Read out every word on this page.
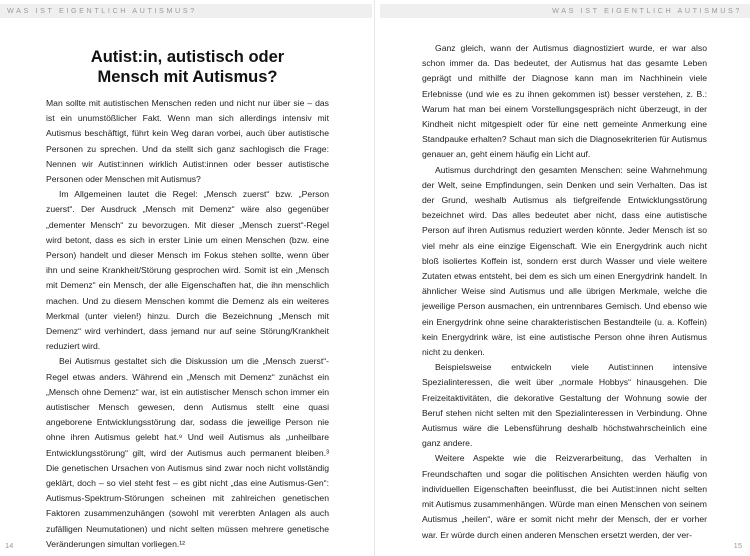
WAS IST EIGENTLICH AUTISMUS?
Autist:in, autistisch oder
Mensch mit Autismus?

Man sollte mit autistischen Menschen reden und nicht nur über sie – das ist ein unumstößlicher Fakt. Wenn man sich allerdings intensiv mit Autismus beschäftigt, führt kein Weg daran vorbei, auch über autistische Personen zu sprechen. Und da stellt sich ganz sachlogisch die Frage: Nennen wir Autist:innen wirklich Autist:innen oder besser autistische Personen oder Menschen mit Autismus?

Im Allgemeinen lautet die Regel: „Mensch zuerst“ bzw. „Person zuerst“. Der Ausdruck „Mensch mit Demenz“ wäre also gegenüber „dementer Mensch“ zu bevorzugen. Mit dieser „Mensch zuerst“-Regel wird betont, dass es sich in erster Linie um einen Menschen (bzw. eine Person) handelt und dieser Mensch im Fokus stehen sollte, wenn über ihn und seine Krankheit/Störung gesprochen wird. Somit ist ein „Mensch mit Demenz“ ein Mensch, der alle Eigenschaften hat, die ihn menschlich machen. Und zu diesem Menschen kommt die Demenz als ein weiteres Merkmal (unter vielen!) hinzu. Durch die Bezeichnung „Mensch mit Demenz“ wird verhindert, dass jemand nur auf seine Störung/Krankheit reduziert wird.

Bei Autismus gestaltet sich die Diskussion um die „Mensch zuerst“-Regel etwas anders. Während ein „Mensch mit Demenz“ zunächst ein „Mensch ohne Demenz“ war, ist ein autistischer Mensch schon immer ein autistischer Mensch gewesen, denn Autismus stellt eine quasi angeborene Entwicklungsstörung dar, sodass die jeweilige Person nie ohne ihren Autismus gelebt hat.⁹ Und weil Autismus als „unheilbare Entwicklungsstörung“ gilt, wird der Autismus auch permanent bleiben.³ Die genetischen Ursachen von Autismus sind zwar noch nicht vollständig geklärt, doch – so viel steht fest – es gibt nicht „das eine Autismus-Gen“: Autismus-Spektrum-Störungen scheinen mit zahlreichen genetischen Faktoren zusammenzuhängen (sowohl mit vererbten Anlagen als auch zufälligen Neumutationen) und nicht selten müssen mehrere genetische Veränderungen simultan vorliegen.¹²

14
WAS IST EIGENTLICH AUTISMUS?

Ganz gleich, wann der Autismus diagnostiziert wurde, er war also schon immer da. Das bedeutet, der Autismus hat das gesamte Leben geprägt und mithilfe der Diagnose kann man im Nachhinein viele Erlebnisse (und wie es zu ihnen gekommen ist) besser verstehen, z. B.: Warum hat man bei einem Vorstellungsgespräch nicht überzeugt, in der Kindheit nicht mitgespielt oder für eine nett gemeinte Anmerkung eine Standpauke erhalten? Schaut man sich die Diagnosekriterien für Autismus genauer an, geht einem häufig ein Licht auf.

Autismus durchdringt den gesamten Menschen: seine Wahrnehmung der Welt, seine Empfindungen, sein Denken und sein Verhalten. Das ist der Grund, weshalb Autismus als tiefgreifende Entwicklungsstörung bezeichnet wird. Das alles bedeutet aber nicht, dass eine autistische Person auf ihren Autismus reduziert werden könnte. Jeder Mensch ist so viel mehr als eine einzige Eigenschaft. Wie ein Energydrink auch nicht bloß isoliertes Koffein ist, sondern erst durch Wasser und viele weitere Zutaten etwas entsteht, bei dem es sich um einen Energydrink handelt. In ähnlicher Weise sind Autismus und alle übrigen Merkmale, welche die jeweilige Person ausmachen, ein untrennbares Gemisch. Und ebenso wie ein Energydrink ohne seine charakteristischen Bestandteile (u. a. Koffein) kein Energydrink wäre, ist eine autistische Person ohne ihren Autismus nicht zu denken.

Beispielsweise entwickeln viele Autist:innen intensive Spezialinteressen, die weit über „normale Hobbys“ hinausgehen. Die Freizeitaktivitäten, die dekorative Gestaltung der Wohnung sowie der Beruf stehen nicht selten mit den Spezialinteressen in Verbindung. Ohne Autismus wäre die Lebensführung deshalb höchstwahrscheinlich eine ganz andere.

Weitere Aspekte wie die Reizverarbeitung, das Verhalten in Freundschaften und sogar die politischen Ansichten werden häufig von individuellen Eigenschaften beeinflusst, die bei Autist:innen nicht selten mit Autismus zusammenhängen. Würde man einen Menschen von seinem Autismus „heilen“, wäre er somit nicht mehr der Mensch, der er vorher war. Er würde durch einen anderen Menschen ersetzt werden, der ver-

15
